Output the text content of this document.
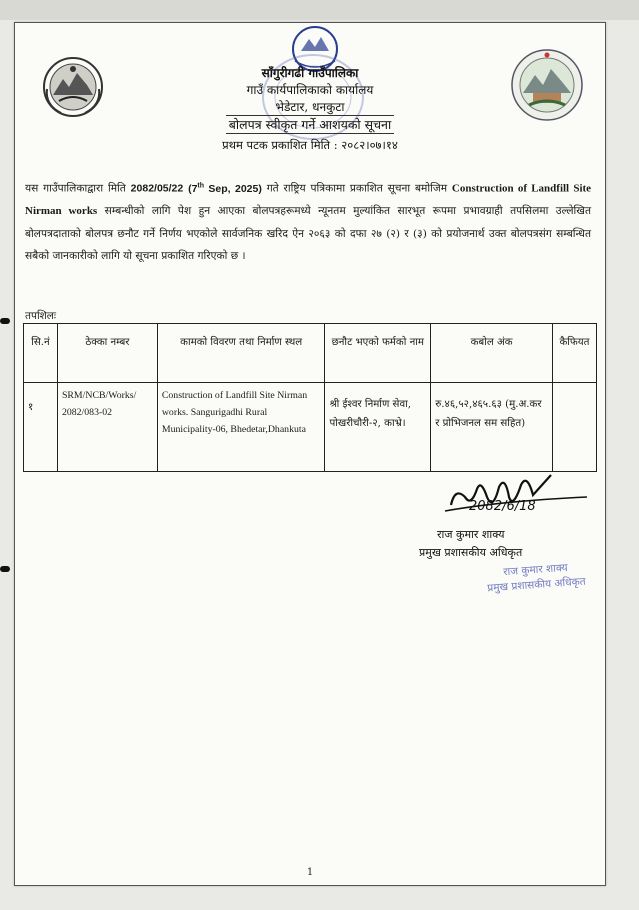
साँगुरीगढी गाउँपालिका

गाउँ कार्यपालिकाको कार्यालय

भेडेटार, धनकुटा

बोलपत्र स्वीकृत गर्ने आशयको सूचना

प्रथम पटक प्रकाशित मिति : २०८२।०७।१४

यस गाउँपालिकाद्वारा मिति 2082/05/22 (7th Sep, 2025) गते राष्ट्रिय पत्रिकामा प्रकाशित सूचना बमोजिम Construction of Landfill Site Nirman works सम्बन्धीको लागि पेश हुन आएका बोलपत्रहरूमध्ये न्यूनतम मुल्यांकित सारभूत रूपमा प्रभावग्राही तपसिलमा उल्लेखित बोलपत्रदाताको बोलपत्र छनौट गर्ने निर्णय भएकोले सार्वजनिक खरिद ऐन २०६३ को दफा २७ (२) र (३) को प्रयोजनार्थ उक्त बोलपत्रसंग सम्बन्धित सबैको जानकारीको लागि यो सूचना प्रकाशित गरिएको छ ।
तपशिलः
सि.नं	ठेक्का नम्बर	कामको विवरण तथा निर्माण स्थल	छनौट भएको फर्मको नाम	कबोल अंक	कैफियत
१	SRM/NCB/Works/ 2082/083-02	Construction of Landfill Site Nirman works. Sangurigadhi Rural Municipality-06, Bhedetar,Dhankuta	श्री ईश्वर निर्माण सेवा, पोखरीचौरी-२, काभ्रे।	रु.४६,५२,४६५.६३ (मु.अ.कर र प्रोभिजनल सम सहित)	
2082/6/18
राज कुमार शाक्य
प्रमुख प्रशासकीय अधिकृत
राज कुमार शाक्य
प्रमुख प्रशासकीय अधिकृत
1
